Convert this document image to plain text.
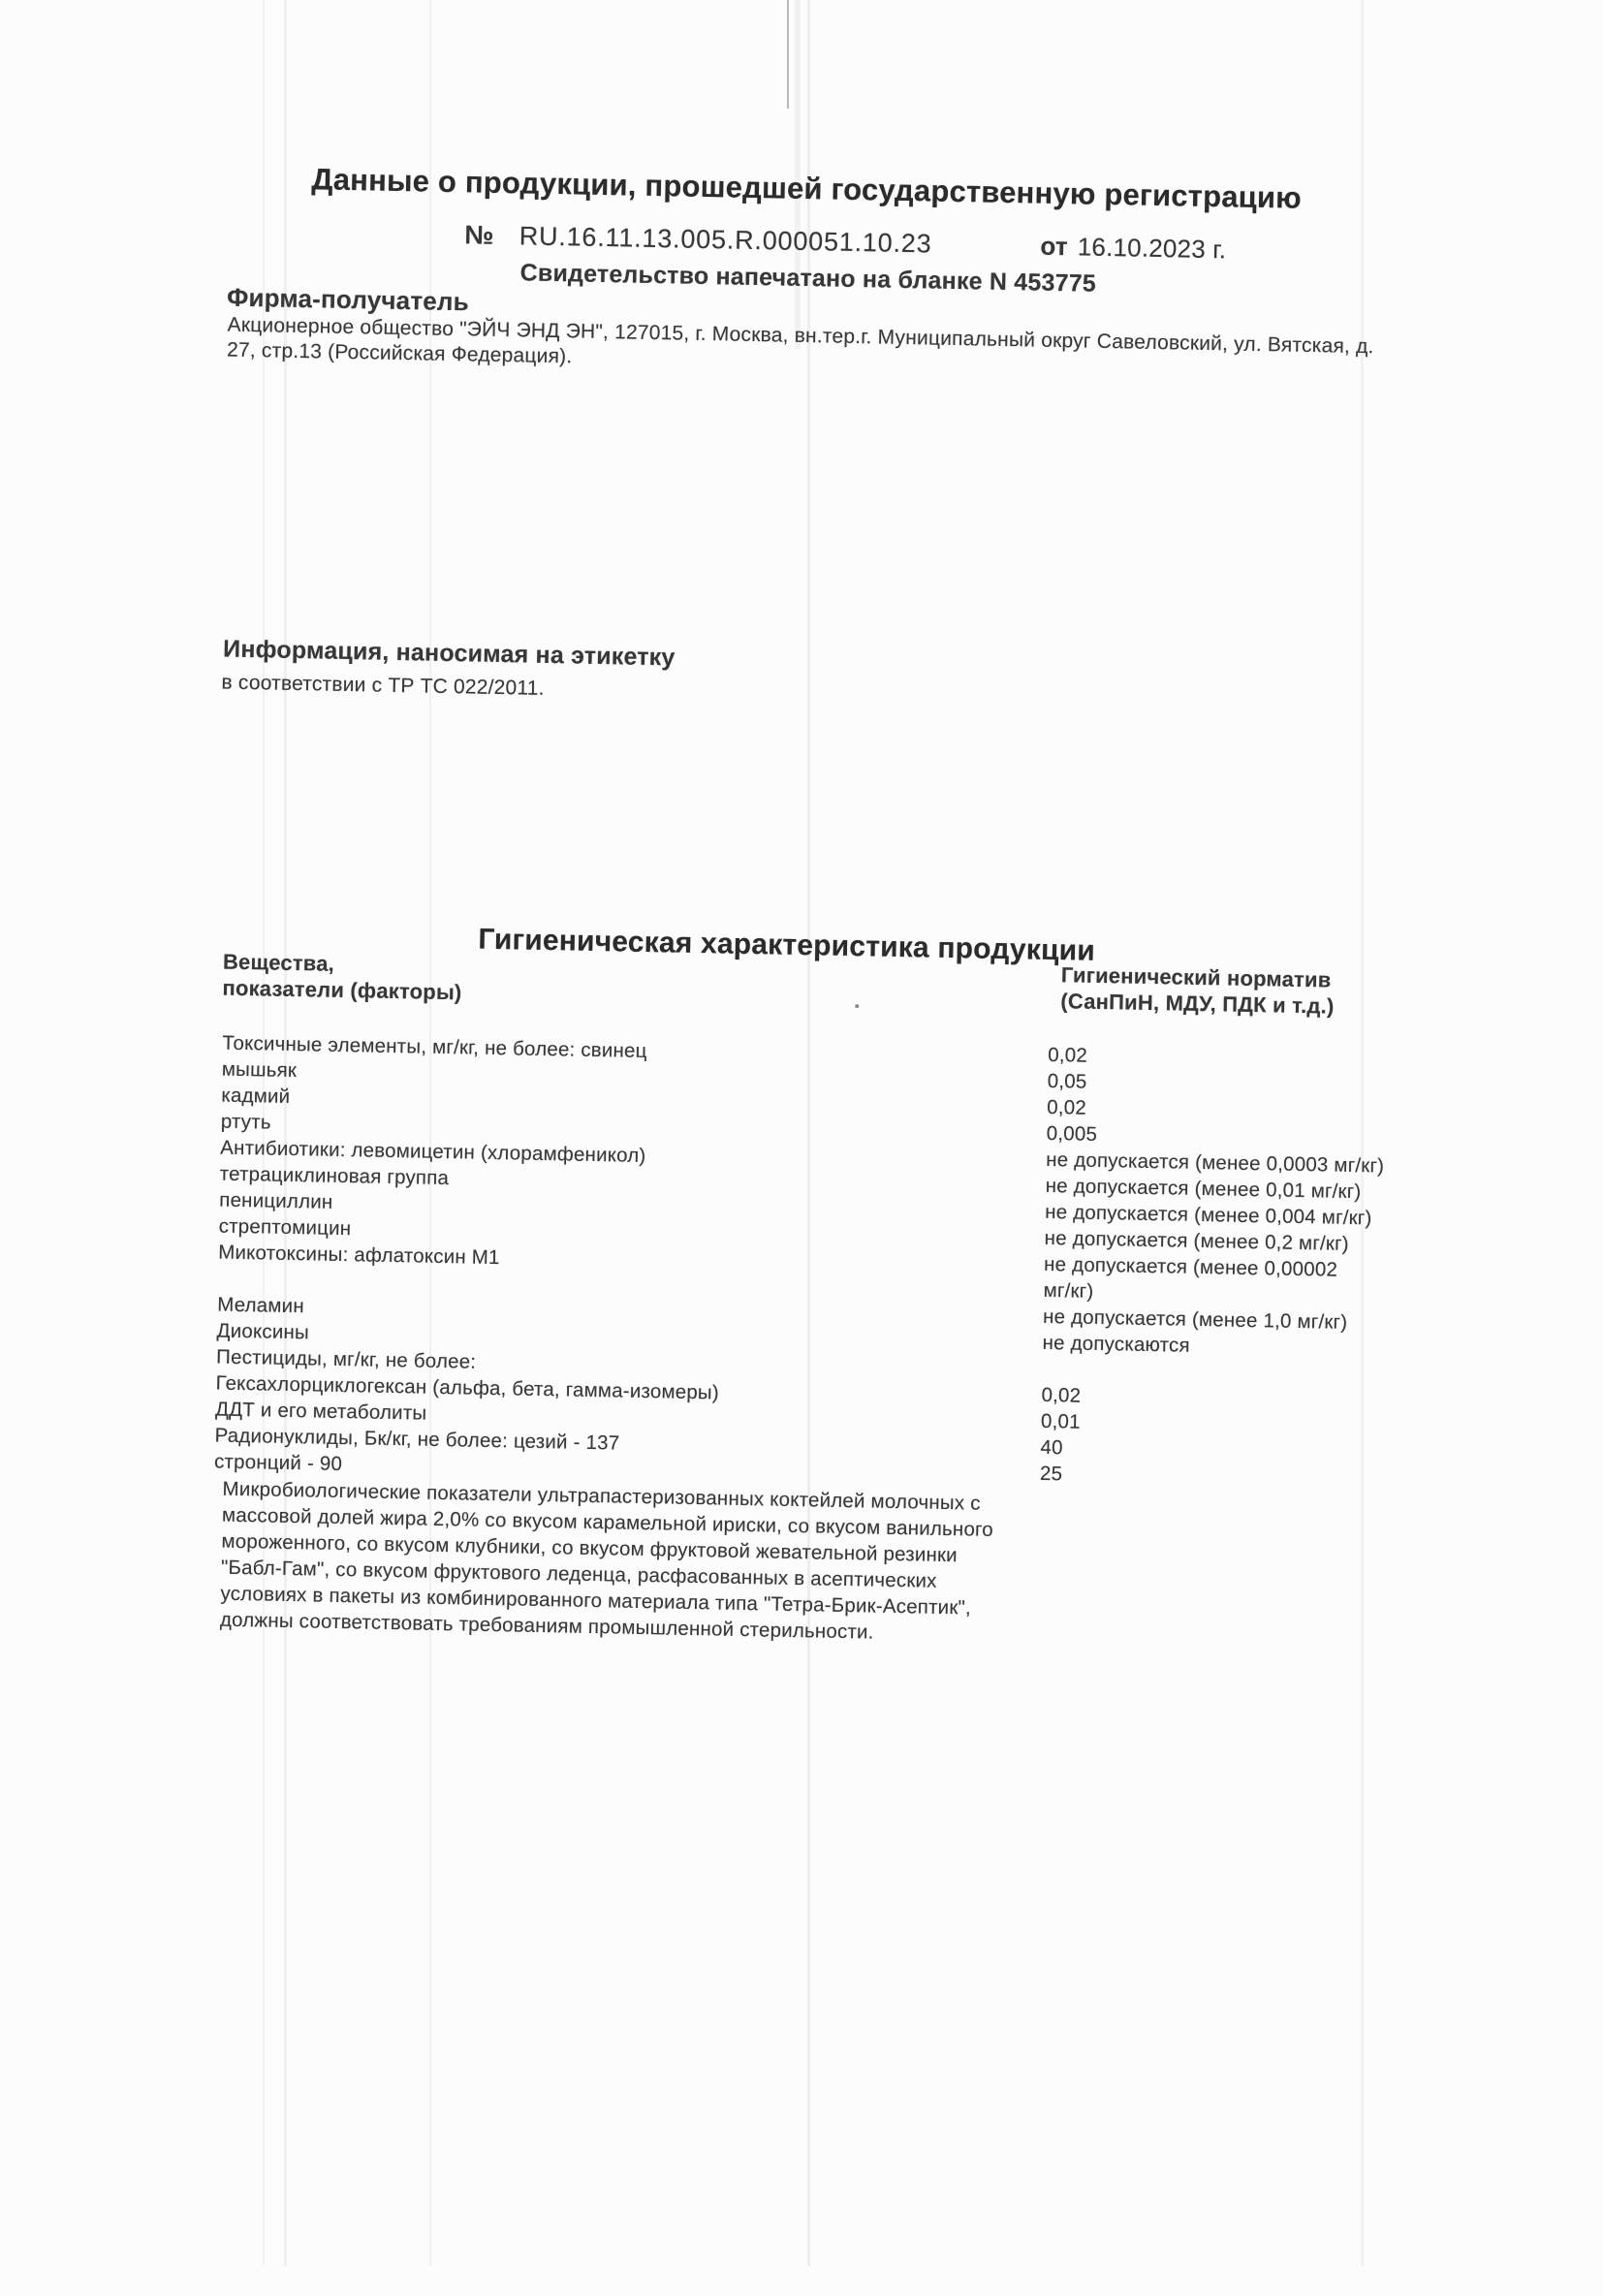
Данные о продукции, прошедшей государственную регистрацию
№ RU.16.11.13.005.R.000051.10.23	от 16.10.2023 г.
Свидетельство напечатано на бланке N 453775
Фирма-получатель
Акционерное общество "ЭЙЧ ЭНД ЭН", 127015, г. Москва, вн.тер.г. Муниципальный округ Савеловский, ул. Вятская, д.
27, стр.13 (Российская Федерация).
Информация, наносимая на этикетку
в соответствии с ТР ТС 022/2011.
Гигиеническая характеристика продукции
Вещества,
показатели (факторы)	Гигиенический норматив
(СанПиН, МДУ, ПДК и т.д.)
Токсичные элементы, мг/кг, не более: свинец
мышьяк
кадмий
ртуть
Антибиотики: левомицетин (хлорамфеникол)
тетрациклиновая группа
пенициллин
стрептомицин
Микотоксины: афлатоксин М1
Меламин
Диоксины
Пестициды, мг/кг, не более:
Гексахлорциклогексан (альфа, бета, гамма-изомеры)
ДДТ и его метаболиты
Радионуклиды, Бк/кг, не более: цезий - 137
стронций - 90
0,02
0,05
0,02
0,005
не допускается (менее 0,0003 мг/кг)
не допускается (менее 0,01 мг/кг)
не допускается (менее 0,004 мг/кг)
не допускается (менее 0,2 мг/кг)
не допускается (менее 0,00002
мг/кг)
не допускается (менее 1,0 мг/кг)
не допускаются
0,02
0,01
40
25
Микробиологические показатели ультрапастеризованных коктейлей молочных с
массовой долей жира 2,0% со вкусом карамельной ириски, со вкусом ванильного
мороженного, со вкусом клубники, со вкусом фруктовой жевательной резинки
"Бабл-Гам", со вкусом фруктового леденца, расфасованных в асептических
условиях в пакеты из комбинированного материала типа "Тетра-Брик-Асептик",
должны соответствовать требованиям промышленной стерильности.
